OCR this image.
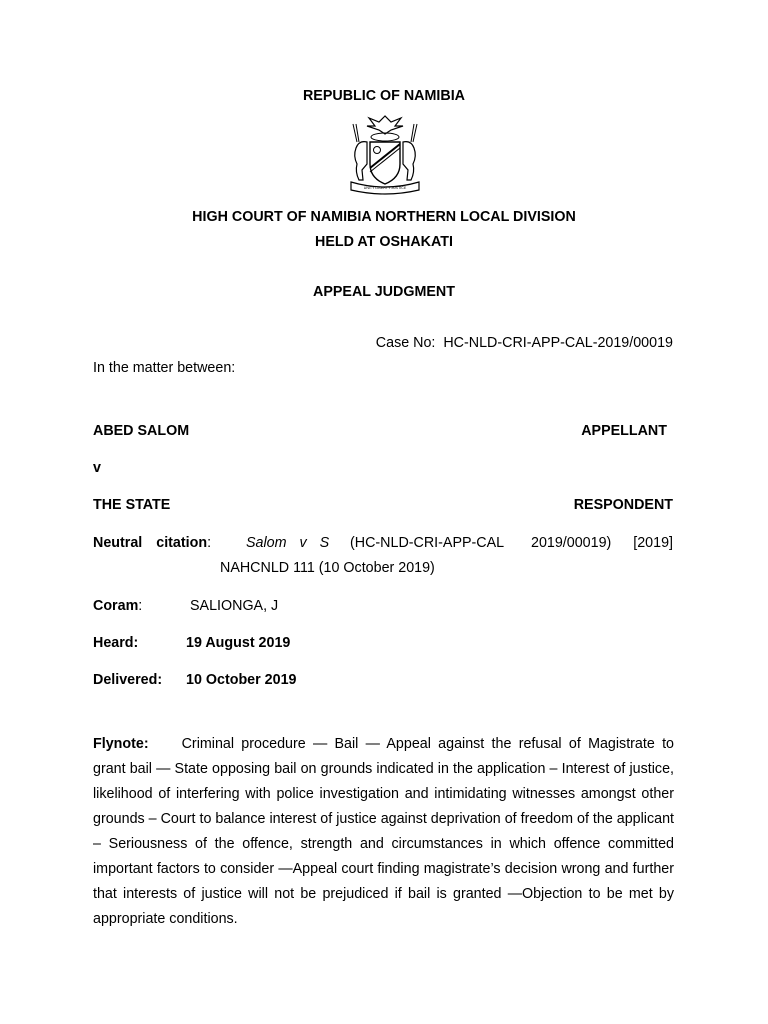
REPUBLIC OF NAMIBIA
UNITY LIBERTY JUSTICE
HIGH COURT OF NAMIBIA NORTHERN LOCAL DIVISION
HELD AT OSHAKATI
APPEAL JUDGMENT
Case No: HC-NLD-CRI-APP-CAL-2019/00019
In the matter between:
ABED SALOM	APPELLANT
v
THE STATE	RESPONDENT
Neutral citation: Salom v S (HC-NLD-CRI-APP-CAL 2019/00019) [2019]
NAHCNLD 111 (10 October 2019)
Coram:	SALIONGA, J
Heard:	19 August 2019
Delivered: 10 October 2019
Flynote: Criminal procedure — Bail — Appeal against the refusal of Magistrate to grant bail — State opposing bail on grounds indicated in the application – Interest of justice, likelihood of interfering with police investigation and intimidating witnesses amongst other grounds – Court to balance interest of justice against deprivation of freedom of the applicant – Seriousness of the offence, strength and circumstances in which offence committed important factors to consider —Appeal court finding magistrate’s decision wrong and further that interests of justice will not be prejudiced if bail is granted —Objection to be met by appropriate conditions.
